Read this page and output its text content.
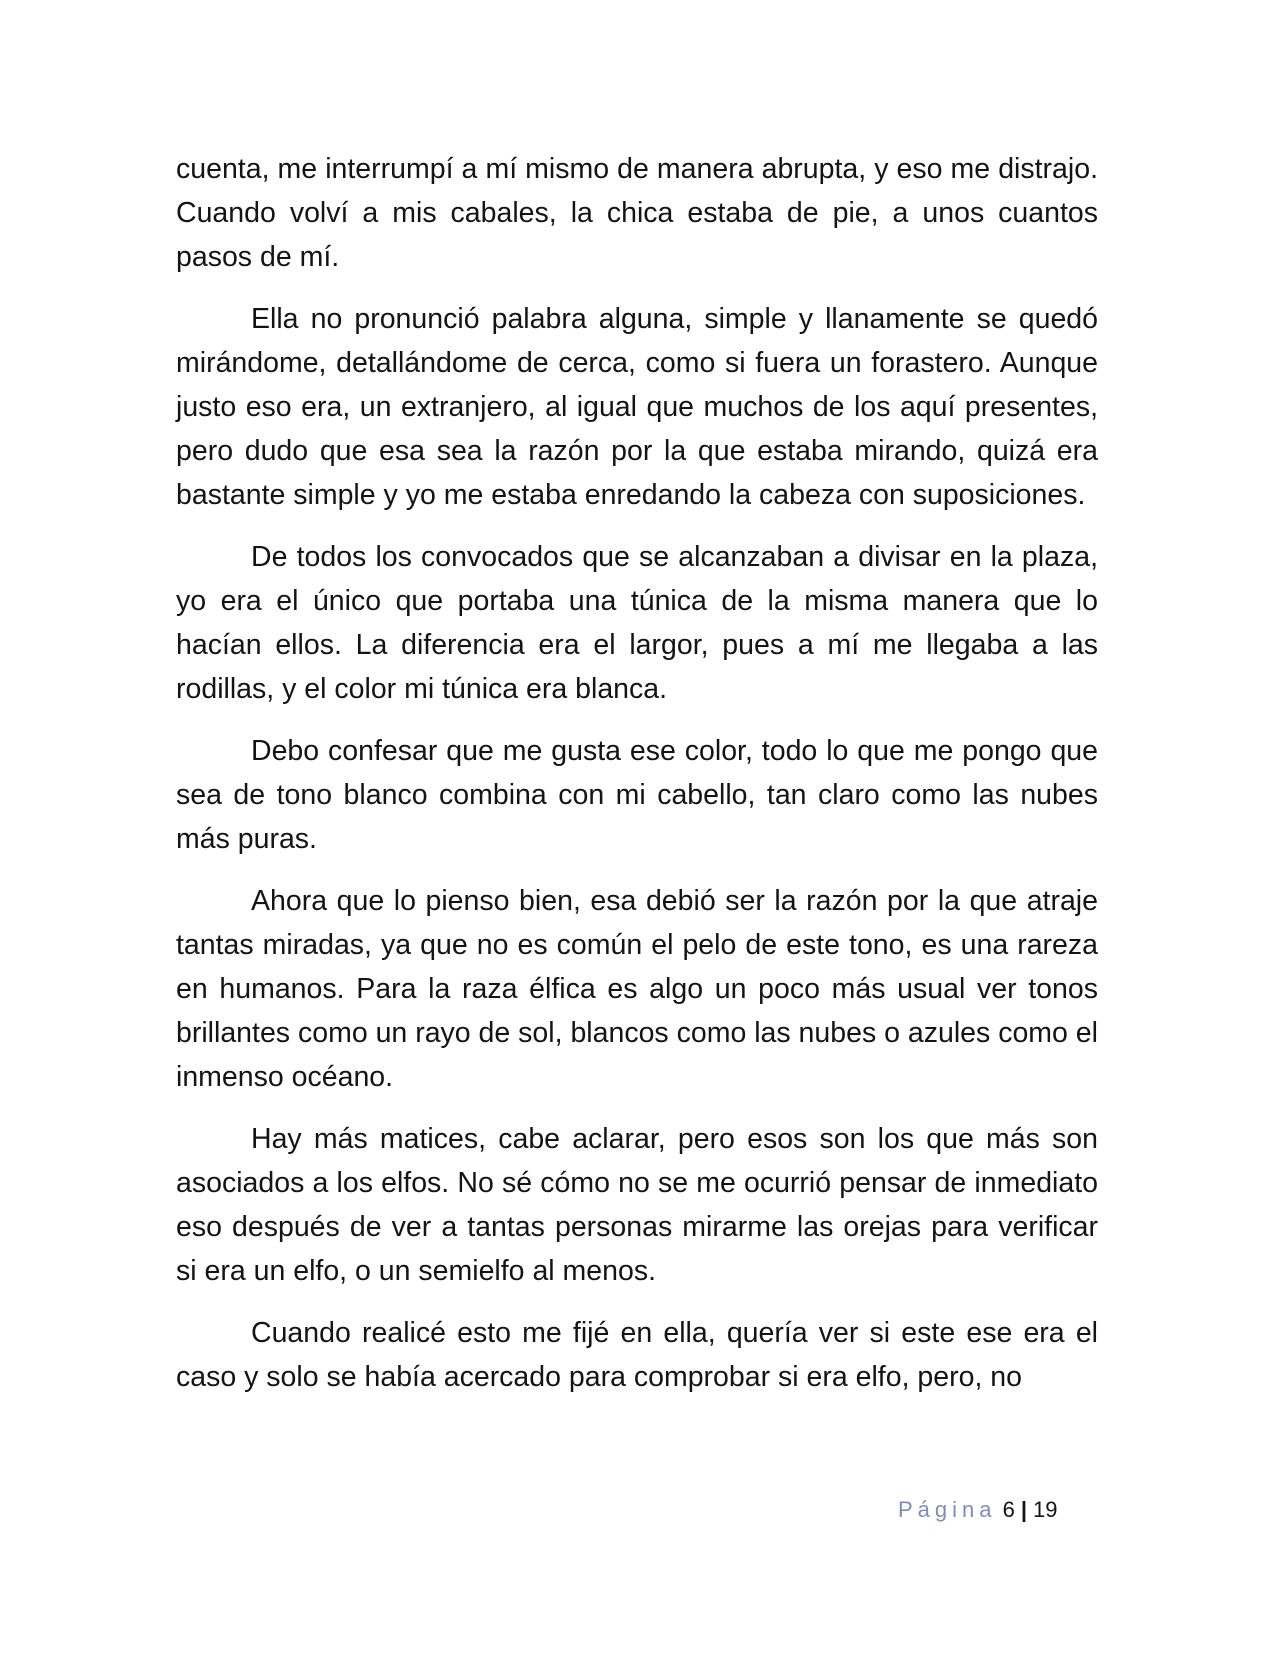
cuenta, me interrumpí a mí mismo de manera abrupta, y eso me distrajo. Cuando volví a mis cabales, la chica estaba de pie, a unos cuantos pasos de mí.

Ella no pronunció palabra alguna, simple y llanamente se quedó mirándome, detallándome de cerca, como si fuera un forastero. Aunque justo eso era, un extranjero, al igual que muchos de los aquí presentes, pero dudo que esa sea la razón por la que estaba mirando, quizá era bastante simple y yo me estaba enredando la cabeza con suposiciones.

De todos los convocados que se alcanzaban a divisar en la plaza, yo era el único que portaba una túnica de la misma manera que lo hacían ellos. La diferencia era el largor, pues a mí me llegaba a las rodillas, y el color mi túnica era blanca.

Debo confesar que me gusta ese color, todo lo que me pongo que sea de tono blanco combina con mi cabello, tan claro como las nubes más puras.

Ahora que lo pienso bien, esa debió ser la razón por la que atraje tantas miradas, ya que no es común el pelo de este tono, es una rareza en humanos. Para la raza élfica es algo un poco más usual ver tonos brillantes como un rayo de sol, blancos como las nubes o azules como el inmenso océano.

Hay más matices, cabe aclarar, pero esos son los que más son asociados a los elfos. No sé cómo no se me ocurrió pensar de inmediato eso después de ver a tantas personas mirarme las orejas para verificar si era un elfo, o un semielfo al menos.

Cuando realicé esto me fijé en ella, quería ver si este ese era el caso y solo se había acercado para comprobar si era elfo, pero, no

Página 6 | 19
